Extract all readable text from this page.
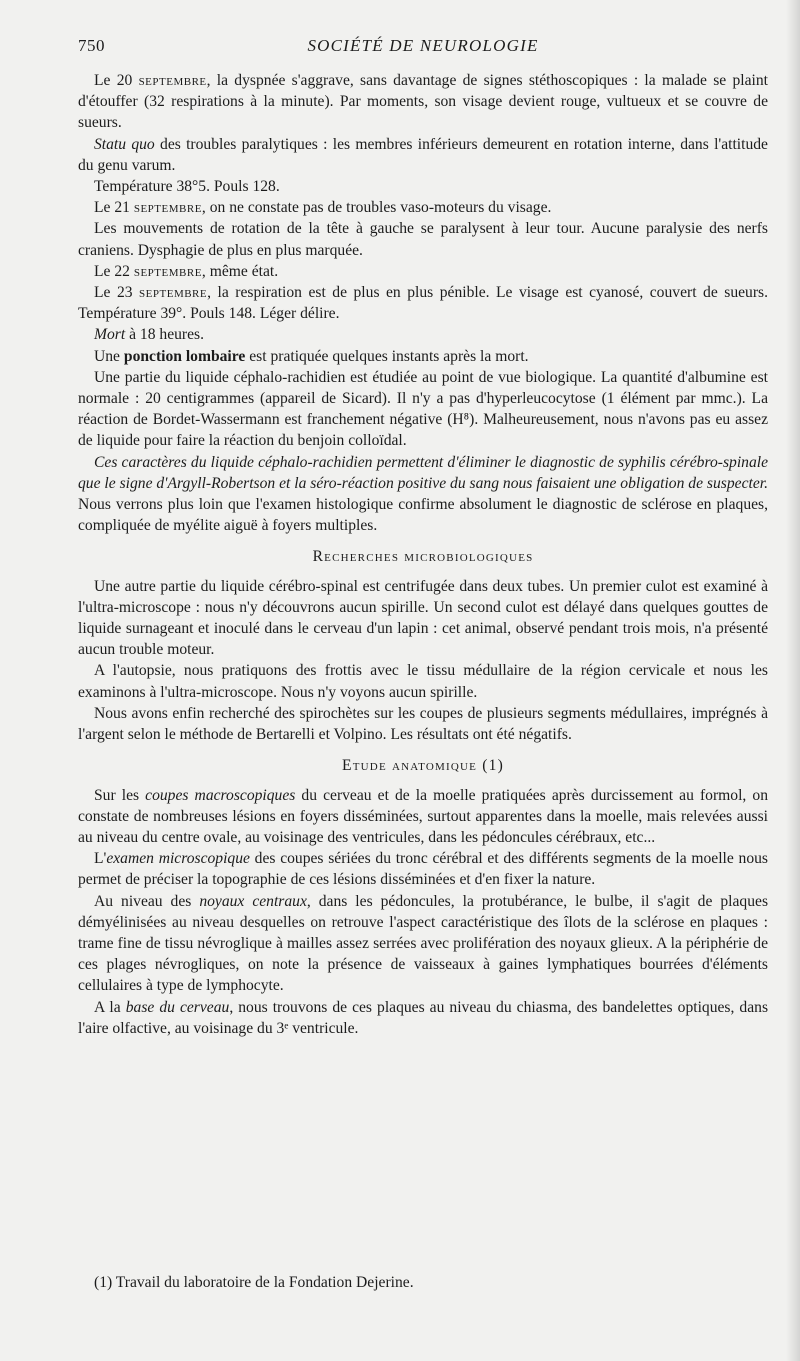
750	SOCIÉTÉ DE NEUROLOGIE

Le 20 septembre, la dyspnée s'aggrave, sans davantage de signes stéthoscopiques : la malade se plaint d'étouffer (32 respirations à la minute). Par moments, son visage devient rouge, vultueux et se couvre de sueurs.

Statu quo des troubles paralytiques : les membres inférieurs demeurent en rotation interne, dans l'attitude du genu varum.

Température 38°5. Pouls 128.

Le 21 septembre, on ne constate pas de troubles vaso-moteurs du visage.

Les mouvements de rotation de la tête à gauche se paralysent à leur tour. Aucune paralysie des nerfs craniens. Dysphagie de plus en plus marquée.

Le 22 septembre, même état.

Le 23 septembre, la respiration est de plus en plus pénible. Le visage est cyanosé, couvert de sueurs. Température 39°. Pouls 148. Léger délire.

Mort à 18 heures.

Une ponction lombaire est pratiquée quelques instants après la mort.

Une partie du liquide céphalo-rachidien est étudiée au point de vue biologique. La quantité d'albumine est normale : 20 centigrammes (appareil de Sicard). Il n'y a pas d'hyperleucocytose (1 élément par mmc.). La réaction de Bordet-Wassermann est franchement négative (H⁸). Malheureusement, nous n'avons pas eu assez de liquide pour faire la réaction du benjoin colloïdal.

Ces caractères du liquide céphalo-rachidien permettent d'éliminer le diagnostic de syphilis cérébro-spinale que le signe d'Argyll-Robertson et la séro-réaction positive du sang nous faisaient une obligation de suspecter. Nous verrons plus loin que l'examen histologique confirme absolument le diagnostic de sclérose en plaques, compliquée de myélite aiguë à foyers multiples.

Recherches microbiologiques

Une autre partie du liquide cérébro-spinal est centrifugée dans deux tubes. Un premier culot est examiné à l'ultra-microscope : nous n'y découvrons aucun spirille. Un second culot est délayé dans quelques gouttes de liquide surnageant et inoculé dans le cerveau d'un lapin : cet animal, observé pendant trois mois, n'a présenté aucun trouble moteur.

A l'autopsie, nous pratiquons des frottis avec le tissu médullaire de la région cervicale et nous les examinons à l'ultra-microscope. Nous n'y voyons aucun spirille.

Nous avons enfin recherché des spirochètes sur les coupes de plusieurs segments médullaires, imprégnés à l'argent selon le méthode de Bertarelli et Volpino. Les résultats ont été négatifs.

Etude anatomique (1)

Sur les coupes macroscopiques du cerveau et de la moelle pratiquées après durcissement au formol, on constate de nombreuses lésions en foyers disséminées, surtout apparentes dans la moelle, mais relevées aussi au niveau du centre ovale, au voisinage des ventricules, dans les pédoncules cérébraux, etc...

L'examen microscopique des coupes sériées du tronc cérébral et des différents segments de la moelle nous permet de préciser la topographie de ces lésions disséminées et d'en fixer la nature.

Au niveau des noyaux centraux, dans les pédoncules, la protubérance, le bulbe, il s'agit de plaques démyélinisées au niveau desquelles on retrouve l'aspect caractéristique des îlots de la sclérose en plaques : trame fine de tissu névroglique à mailles assez serrées avec prolifération des noyaux glieux. A la périphérie de ces plages névrogliques, on note la présence de vaisseaux à gaines lymphatiques bourrées d'éléments cellulaires à type de lymphocyte.

A la base du cerveau, nous trouvons de ces plaques au niveau du chiasma, des bandelettes optiques, dans l'aire olfactive, au voisinage du 3ᵉ ventricule.

(1) Travail du laboratoire de la Fondation Dejerine.
